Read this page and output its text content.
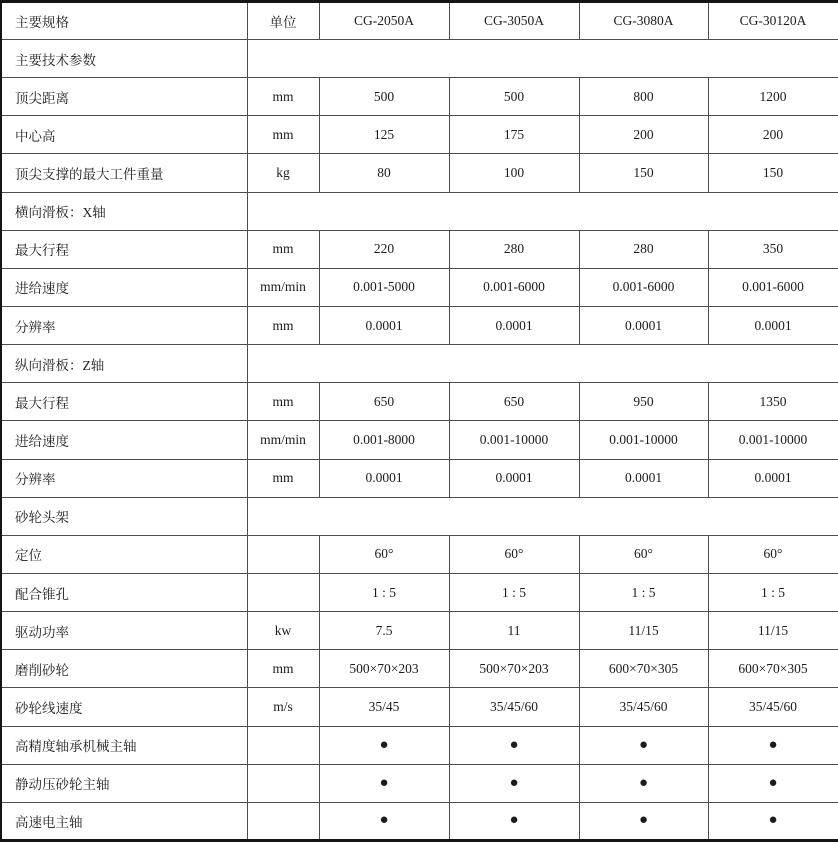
主要规格	单位	CG-2050A	CG-3050A	CG-3080A	CG-30120A
主要技术参数					
顶尖距离	mm	500	500	800	1200
中心高	mm	125	175	200	200
顶尖支撑的最大工件重量	kg	80	100	150	150
横向滑板：X轴					
最大行程	mm	220	280	280	350
进给速度	mm/min	0.001-5000	0.001-6000	0.001-6000	0.001-6000
分辨率	mm	0.0001	0.0001	0.0001	0.0001
纵向滑板：Z轴					
最大行程	mm	650	650	950	1350
进给速度	mm/min	0.001-8000	0.001-10000	0.001-10000	0.001-10000
分辨率	mm	0.0001	0.0001	0.0001	0.0001
砂轮头架					
定位		60°	60°	60°	60°
配合锥孔		1 : 5	1 : 5	1 : 5	1 : 5
驱动功率	kw	7.5	11	11/15	11/15
磨削砂轮	mm	500×70×203	500×70×203	600×70×305	600×70×305
砂轮线速度	m/s	35/45	35/45/60	35/45/60	35/45/60
高精度轴承机械主轴		●	●	●	●
静动压砂轮主轴		●	●	●	●
高速电主轴		●	●	●	●
